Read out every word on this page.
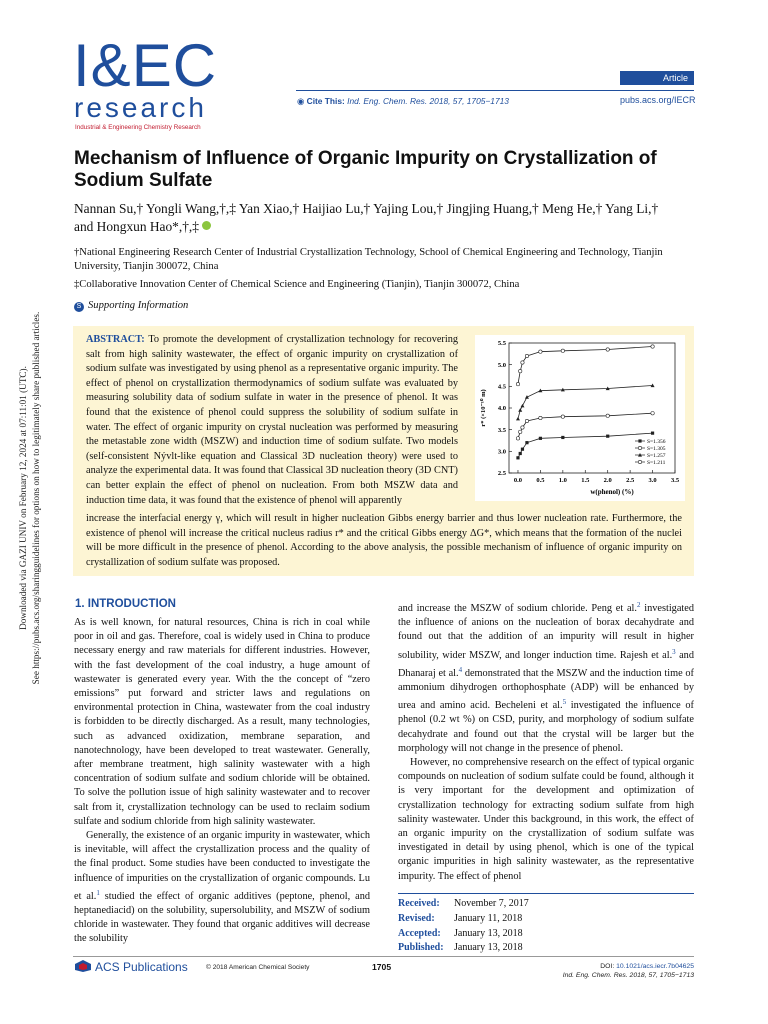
Downloaded via GAZI UNIV on February 12, 2024 at 07:11:01 (UTC). See https://pubs.acs.org/sharingguidelines for options on how to legitimately share published articles.
I&EC
research
Industrial & Engineering Chemistry Research
Article
◉ Cite This: Ind. Eng. Chem. Res. 2018, 57, 1705−1713	pubs.acs.org/IECR
Mechanism of Influence of Organic Impurity on Crystallization of Sodium Sulfate
Nannan Su,† Yongli Wang,†,‡ Yan Xiao,† Haijiao Lu,† Yajing Lou,† Jingjing Huang,† Meng He,† Yang Li,†
and Hongxun Hao*,†,‡
†National Engineering Research Center of Industrial Crystallization Technology, School of Chemical Engineering and Technology, Tianjin University, Tianjin 300072, China
‡Collaborative Innovation Center of Chemical Science and Engineering (Tianjin), Tianjin 300072, China
S Supporting Information
ABSTRACT: To promote the development of crystallization technology for recovering salt from high salinity wastewater, the effect of organic impurity on crystallization of sodium sulfate was investigated by using phenol as a representative organic impurity. The effect of phenol on crystallization thermodynamics of sodium sulfate was evaluated by measuring solubility data of sodium sulfate in water in the presence of phenol. It was found that the existence of phenol could suppress the solubility of sodium sulfate in water. The effect of organic impurity on crystal nucleation was performed by measuring the metastable zone width (MSZW) and induction time of sodium sulfate. Two models (self-consistent Nývlt-like equation and Classical 3D nucleation theory) were used to analyze the experimental data. It was found that Classical 3D nucleation theory (3D CNT) can better explain the effect of phenol on nucleation. From both MSZW data and induction time data, it was found that the existence of phenol will apparently
increase the interfacial energy γ, which will result in higher nucleation Gibbs energy barrier and thus lower nucleation rate. Furthermore, the existence of phenol will increase the critical nucleus radius r* and the critical Gibbs energy ΔG*, which means that the formation of the nuclei will be more difficult in the presence of phenol. According to the above analysis, the possible mechanism of influence of organic impurity on crystallization of sodium sulfate was proposed.
0.0 0.5 1.0 1.5 2.0 2.5 3.0 3.5
2.5
3.0
3.5
4.0
4.5
5.0
5.5
w(phenol) (%)
r* (×10⁻¹⁰ m)
S=1.356
S=1.305
S=1.257
S=1.211
1. INTRODUCTION

As is well known, for natural resources, China is rich in coal while poor in oil and gas. Therefore, coal is widely used in China to produce necessary energy and raw materials for different industries. However, with the fast development of the coal industry, a huge amount of wastewater is generated every year. With the the concept of “zero emissions” put forward and stricter laws and regulations on environmental protection in China, wastewater from the coal industry is forbidden to be directly discharged. As a result, many technologies, such as advanced oxidization, membrane separation, and nanotechnology, have been developed to treat wastewater. Generally, after membrane treatment, high salinity wastewater with a high concentration of sodium sulfate and sodium chloride will be obtained. To solve the pollution issue of high salinity wastewater and to recover salt from it, crystallization technology can be used to reclaim sodium sulfate and sodium chloride from high salinity wastewater.

Generally, the existence of an organic impurity in wastewater, which is inevitable, will affect the crystallization process and the quality of the final product. Some studies have been conducted to investigate the influence of impurities on the crystallization of organic compounds. Lu et al.$^1$ studied the effect of organic additives (peptone, phenol, and heptanediacid) on the solubility, supersolubility, and MSZW of sodium chloride in wastewater. They found that organic additives will decrease the solubility

and increase the MSZW of sodium chloride. Peng et al.$^2$ investigated the influence of anions on the nucleation of borax decahydrate and found out that the addition of an impurity will result in higher solubility, wider MSZW, and longer induction time. Rajesh et al.$^3$ and Dhanaraj et al.$^4$ demonstrated that the MSZW and the induction time of ammonium dihydrogen orthophosphate (ADP) will be enhanced by urea and amino acid. Becheleni et al.$^5$ investigated the influence of phenol (0.2 wt %) on CSD, purity, and morphology of sodium sulfate decahydrate and found out that the crystal will be larger but the morphology will not change in the presence of phenol.

However, no comprehensive research on the effect of typical organic compounds on nucleation of sodium sulfate could be found, although it is very important for the development and optimization of crystallization technology for extracting sodium sulfate from high salinity wastewater. Under this background, in this work, the effect of an organic impurity on the crystallization of sodium sulfate was investigated in detail by using phenol, which is one of the typical organic impurities in high salinity wastewater, as the representative impurity. The effect of phenol

Received: November 7, 2017
Revised: January 11, 2018
Accepted: January 13, 2018
Published: January 13, 2018
ACS Publications	© 2018 American Chemical Society	1705	DOI: 10.1021/acs.iecr.7b04625
Ind. Eng. Chem. Res. 2018, 57, 1705−1713
